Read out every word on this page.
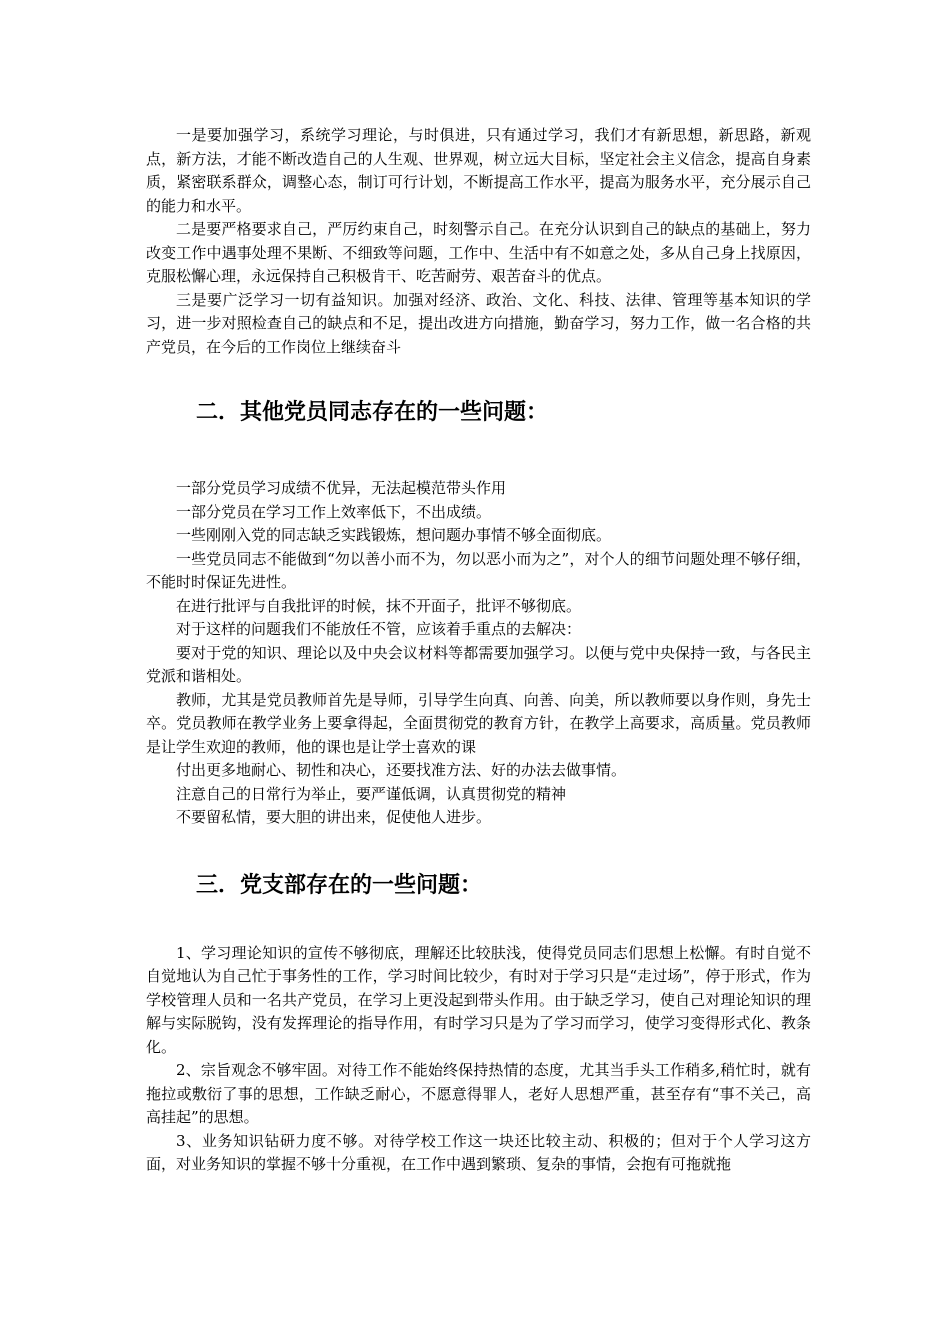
一是要加强学习，系统学习理论，与时俱进，只有通过学习，我们才有新思想，新思路，新观点，新方法，才能不断改造自己的人生观、世界观，树立远大目标，坚定社会主义信念，提高自身素质，紧密联系群众，调整心态，制订可行计划，不断提高工作水平，提高为服务水平，充分展示自己的能力和水平。

二是要严格要求自己，严厉约束自己，时刻警示自己。在充分认识到自己的缺点的基础上，努力改变工作中遇事处理不果断、不细致等问题，工作中、生活中有不如意之处，多从自己身上找原因，克服松懈心理，永远保持自己积极肯干、吃苦耐劳、艰苦奋斗的优点。

三是要广泛学习一切有益知识。加强对经济、政治、文化、科技、法律、管理等基本知识的学习，进一步对照检查自己的缺点和不足，提出改进方向措施，勤奋学习，努力工作，做一名合格的共产党员，在今后的工作岗位上继续奋斗

二．其他党员同志存在的一些问题：

一部分党员学习成绩不优异，无法起模范带头作用

一部分党员在学习工作上效率低下，不出成绩。

一些刚刚入党的同志缺乏实践锻炼，想问题办事情不够全面彻底。

一些党员同志不能做到“勿以善小而不为，勿以恶小而为之”，对个人的细节问题处理不够仔细，不能时时保证先进性。

在进行批评与自我批评的时候，抹不开面子，批评不够彻底。

对于这样的问题我们不能放任不管，应该着手重点的去解决：

要对于党的知识、理论以及中央会议材料等都需要加强学习。以便与党中央保持一致，与各民主党派和谐相处。

教师，尤其是党员教师首先是导师，引导学生向真、向善、向美，所以教师要以身作则，身先士卒。党员教师在教学业务上要拿得起，全面贯彻党的教育方针，在教学上高要求，高质量。党员教师是让学生欢迎的教师，他的课也是让学士喜欢的课

付出更多地耐心、韧性和决心，还要找准方法、好的办法去做事情。

注意自己的日常行为举止，要严谨低调，认真贯彻党的精神

不要留私情，要大胆的讲出来，促使他人进步。

三．党支部存在的一些问题：

1、学习理论知识的宣传不够彻底，理解还比较肤浅，使得党员同志们思想上松懈。有时自觉不自觉地认为自己忙于事务性的工作，学习时间比较少，有时对于学习只是“走过场”，停于形式，作为学校管理人员和一名共产党员，在学习上更没起到带头作用。由于缺乏学习，使自己对理论知识的理解与实际脱钩，没有发挥理论的指导作用，有时学习只是为了学习而学习，使学习变得形式化、教条化。

2、宗旨观念不够牢固。对待工作不能始终保持热情的态度，尤其当手头工作稍多,稍忙时，就有拖拉或敷衍了事的思想，工作缺乏耐心，不愿意得罪人，老好人思想严重，甚至存有“事不关己，高高挂起”的思想。

3、业务知识钻研力度不够。对待学校工作这一块还比较主动、积极的；但对于个人学习这方面，对业务知识的掌握不够十分重视，在工作中遇到繁琐、复杂的事情，会抱有可拖就拖
